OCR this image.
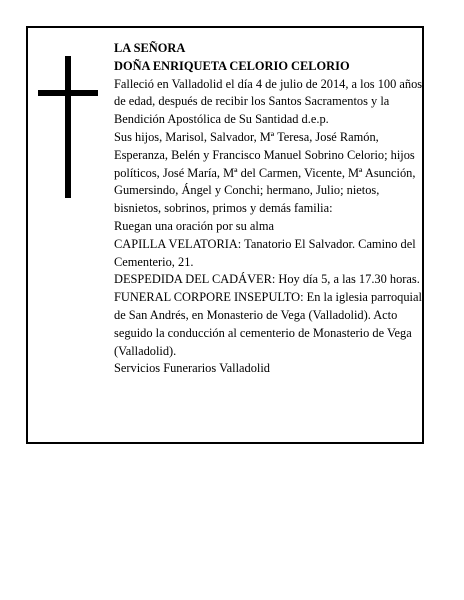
LA SEÑORA

DOÑA ENRIQUETA CELORIO CELORIO

Falleció en Valladolid el día 4 de julio de 2014, a los 100 años de edad, después de recibir los Santos Sacramentos y la Bendición Apostólica de Su Santidad d.e.p.

Sus hijos, Marisol, Salvador, Mª Teresa, José Ramón, Esperanza, Belén y Francisco Manuel Sobrino Celorio; hijos políticos, José María, Mª del Carmen, Vicente, Mª Asunción, Gumersindo, Ángel y Conchi; hermano, Julio; nietos, bisnietos, sobrinos, primos y demás familia:

Ruegan una oración por su alma

CAPILLA VELATORIA: Tanatorio El Salvador. Camino del Cementerio, 21.

DESPEDIDA DEL CADÁVER: Hoy día 5, a las 17.30 horas. FUNERAL CORPORE INSEPULTO: En la iglesia parroquial de San Andrés, en Monasterio de Vega (Valladolid). Acto seguido la conducción al cementerio de Monasterio de Vega (Valladolid).

Servicios Funerarios Valladolid
